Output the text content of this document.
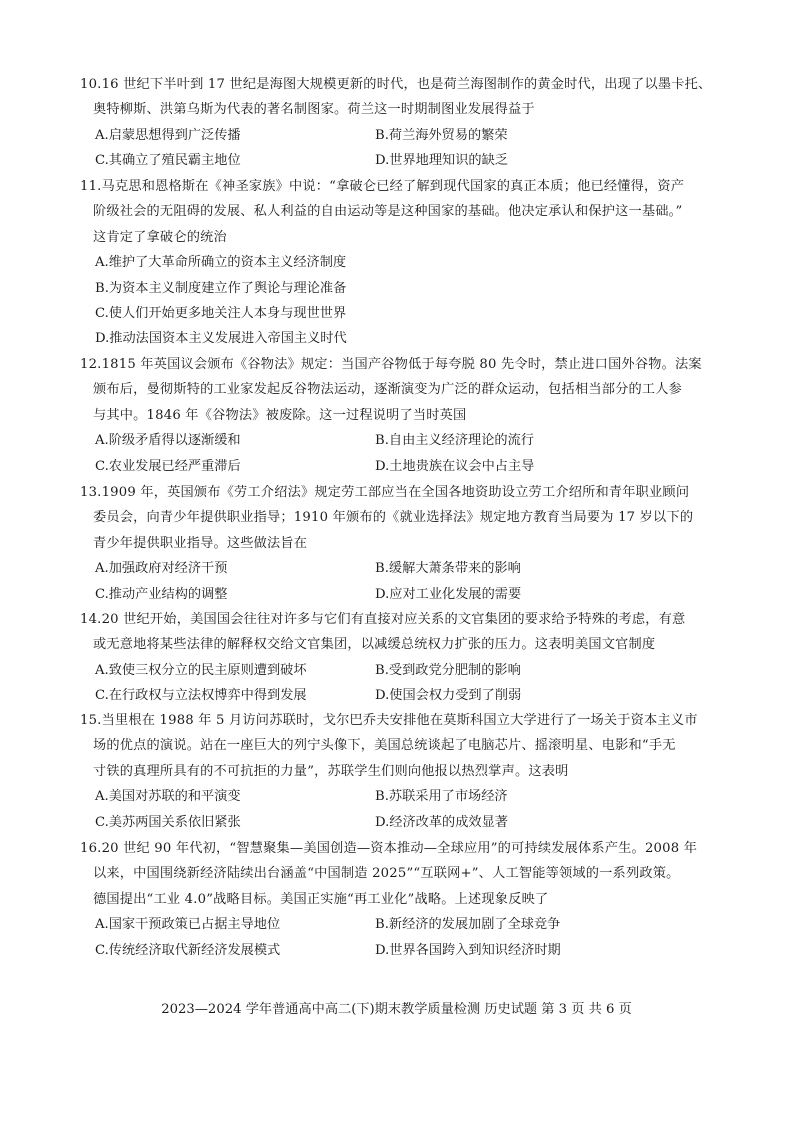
10.16 世纪下半叶到 17 世纪是海图大规模更新的时代，也是荷兰海图制作的黄金时代，出现了以墨卡托、
奥特柳斯、洪第乌斯为代表的著名制图家。荷兰这一时期制图业发展得益于
A.启蒙思想得到广泛传播	B.荷兰海外贸易的繁荣
C.其确立了殖民霸主地位	D.世界地理知识的缺乏
11.马克思和恩格斯在《神圣家族》中说：“拿破仑已经了解到现代国家的真正本质；他已经懂得，资产
阶级社会的无阻碍的发展、私人利益的自由运动等是这种国家的基础。他决定承认和保护这一基础。”
这肯定了拿破仑的统治
A.维护了大革命所确立的资本主义经济制度
B.为资本主义制度建立作了舆论与理论准备
C.使人们开始更多地关注人本身与现世世界
D.推动法国资本主义发展进入帝国主义时代
12.1815 年英国议会颁布《谷物法》规定：当国产谷物低于每夸脱 80 先令时，禁止进口国外谷物。法案
颁布后，曼彻斯特的工业家发起反谷物法运动，逐渐演变为广泛的群众运动，包括相当部分的工人参
与其中。1846 年《谷物法》被废除。这一过程说明了当时英国
A.阶级矛盾得以逐渐缓和	B.自由主义经济理论的流行
C.农业发展已经严重滞后	D.土地贵族在议会中占主导
13.1909 年，英国颁布《劳工介绍法》规定劳工部应当在全国各地资助设立劳工介绍所和青年职业顾问
委员会，向青少年提供职业指导；1910 年颁布的《就业选择法》规定地方教育当局要为 17 岁以下的
青少年提供职业指导。这些做法旨在
A.加强政府对经济干预	B.缓解大萧条带来的影响
C.推动产业结构的调整	D.应对工业化发展的需要
14.20 世纪开始，美国国会往往对许多与它们有直接对应关系的文官集团的要求给予特殊的考虑，有意
或无意地将某些法律的解释权交给文官集团，以减缓总统权力扩张的压力。这表明美国文官制度
A.致使三权分立的民主原则遭到破坏	B.受到政党分肥制的影响
C.在行政权与立法权博弈中得到发展	D.使国会权力受到了削弱
15.当里根在 1988 年 5 月访问苏联时，戈尔巴乔夫安排他在莫斯科国立大学进行了一场关于资本主义市
场的优点的演说。站在一座巨大的列宁头像下，美国总统谈起了电脑芯片、摇滚明星、电影和“手无
寸铁的真理所具有的不可抗拒的力量”，苏联学生们则向他报以热烈掌声。这表明
A.美国对苏联的和平演变	B.苏联采用了市场经济
C.美苏两国关系依旧紧张	D.经济改革的成效显著
16.20 世纪 90 年代初，“智慧聚集—美国创造—资本推动—全球应用”的可持续发展体系产生。2008 年
以来，中国围绕新经济陆续出台涵盖“中国制造 2025”“互联网+”、人工智能等领域的一系列政策。
德国提出“工业 4.0”战略目标。美国正实施“再工业化”战略。上述现象反映了
A.国家干预政策已占据主导地位	B.新经济的发展加剧了全球竞争
C.传统经济取代新经济发展模式	D.世界各国跨入到知识经济时期
2023—2024 学年普通高中高二(下)期末教学质量检测 历史试题 第 3 页 共 6 页
